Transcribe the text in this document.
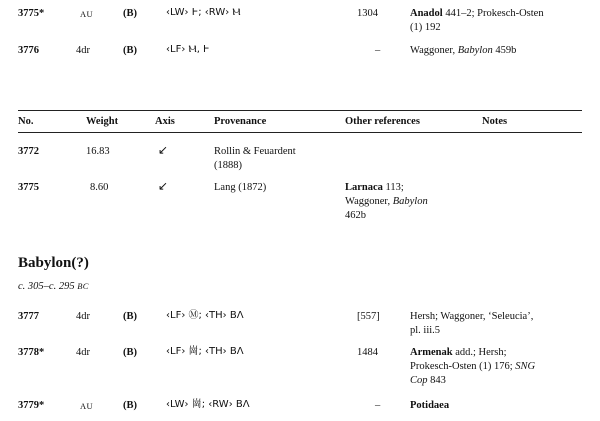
3775*	AU	(B)	‹LW› Ⱶ; ‹RW› Ⲙ	1304	Anadol 441–2; Prokesch-Osten
(1) 192
3776	4dr	(B)	‹LF› Ⲙ, Ⱶ	–	Waggoner, Babylon 459b
No.	Weight	Axis	Provenance	Other references	Notes
3772	16.83	↙	Rollin & Feuardent
(1888)
3775	8.60	↙	Lang (1872)	Larnaca 113;
Waggoner, Babylon
462b
Babylon(?)
c. 305–c. 295 BC
3777	4dr	(B)	‹LF› Ⓜ; ‹TH› BΛ	[557]	Hersh; Waggoner, ‘Seleucia’,
pl. iii.5
3778*	4dr	(B)	‹LF› 崗; ‹TH› BΛ	1484	Armenak add.; Hersh;
Prokesch-Osten (1) 176; SNG
Cop 843
3779*	AU	(B)	‹LW› 崗; ‹RW› BΛ	–	Potidaea
